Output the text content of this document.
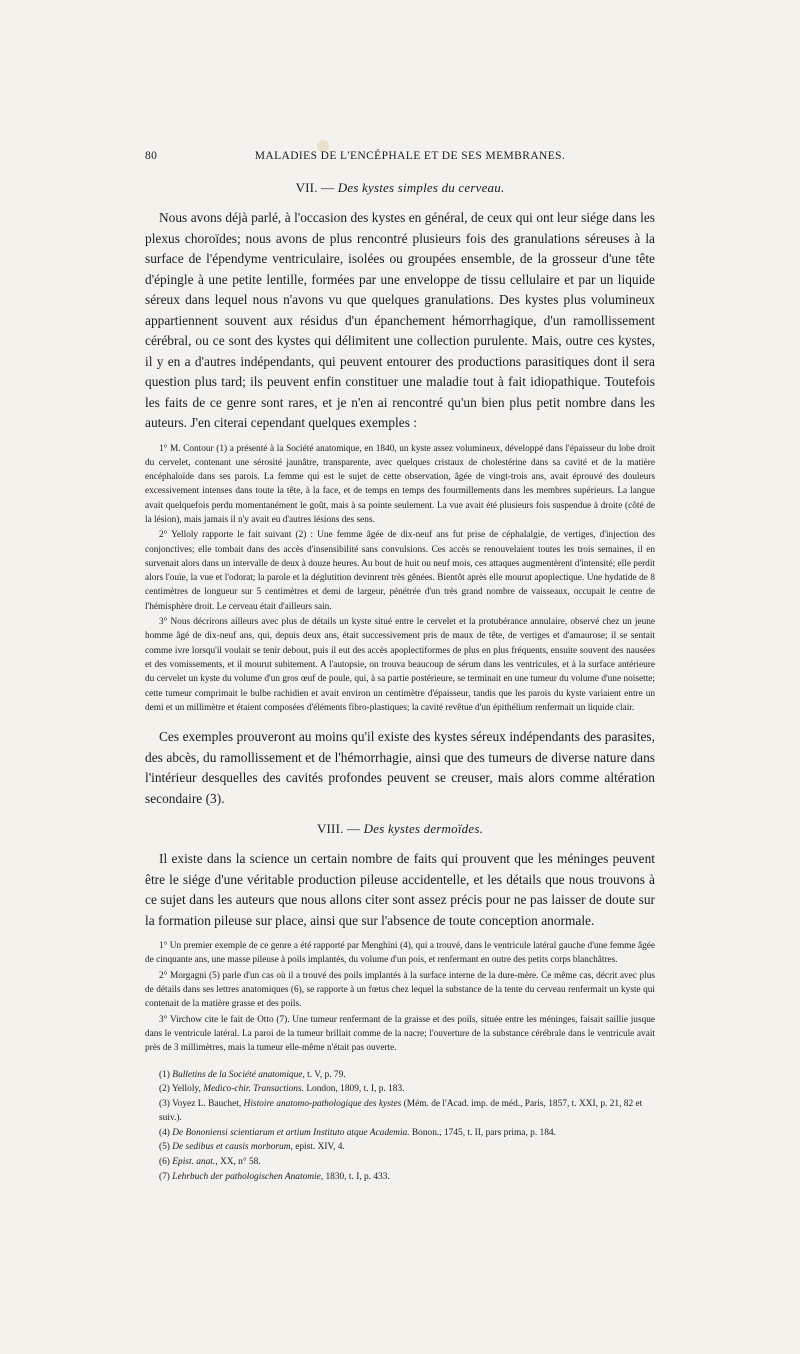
80	MALADIES DE L'ENCÉPHALE ET DE SES MEMBRANES.
VII. — Des kystes simples du cerveau.

Nous avons déjà parlé, à l'occasion des kystes en général, de ceux qui ont leur siége dans les plexus choroïdes; nous avons de plus rencontré plusieurs fois des granulations séreuses à la surface de l'épendyme ventriculaire, isolées ou groupées ensemble, de la grosseur d'une tête d'épingle à une petite lentille, formées par une enveloppe de tissu cellulaire et par un liquide séreux dans lequel nous n'avons vu que quelques granulations. Des kystes plus volumineux appartiennent souvent aux résidus d'un épanchement hémorrhagique, d'un ramollissement cérébral, ou ce sont des kystes qui délimitent une collection purulente. Mais, outre ces kystes, il y en a d'autres indépendants, qui peuvent entourer des productions parasitiques dont il sera question plus tard; ils peuvent enfin constituer une maladie tout à fait idiopathique. Toutefois les faits de ce genre sont rares, et je n'en ai rencontré qu'un bien plus petit nombre dans les auteurs. J'en citerai cependant quelques exemples :

1° M. Contour (1) a présenté à la Société anatomique, en 1840, un kyste assez volumineux, développé dans l'épaisseur du lobe droit du cervelet, contenant une sérosité jaunâtre, transparente, avec quelques cristaux de cholestérine dans sa cavité et de la matière encéphaloïde dans ses parois. La femme qui est le sujet de cette observation, âgée de vingt-trois ans, avait éprouvé des douleurs excessivement intenses dans toute la tête, à la face, et de temps en temps des fourmillements dans les membres supérieurs. La langue avait quelquefois perdu momentanément le goût, mais à sa pointe seulement. La vue avait été plusieurs fois suspendue à droite (côté de la lésion), mais jamais il n'y avait eu d'autres lésions des sens.

2° Yelloly rapporte le fait suivant (2) : Une femme âgée de dix-neuf ans fut prise de céphalalgie, de vertiges, d'injection des conjonctives; elle tombait dans des accès d'insensibilité sans convulsions. Ces accès se renouvelaient toutes les trois semaines, il en survenait alors dans un intervalle de deux à douze heures. Au bout de huit ou neuf mois, ces attaques augmentèrent d'intensité; elle perdit alors l'ouïe, la vue et l'odorat; la parole et la déglutition devinrent très gênées. Bientôt après elle mourut apoplectique. Une hydatide de 8 centimètres de longueur sur 5 centimètres et demi de largeur, pénétrée d'un très grand nombre de vaisseaux, occupait le centre de l'hémisphère droit. Le cerveau était d'ailleurs sain.

3° Nous décrirons ailleurs avec plus de détails un kyste situé entre le cervelet et la protubérance annulaire, observé chez un jeune homme âgé de dix-neuf ans, qui, depuis deux ans, était successivement pris de maux de tête, de vertiges et d'amaurose; il se sentait comme ivre lorsqu'il voulait se tenir debout, puis il eut des accès apoplectiformes de plus en plus fréquents, ensuite souvent des nausées et des vomissements, et il mourut subitement. A l'autopsie, on trouva beaucoup de sérum dans les ventricules, et à la surface antérieure du cervelet un kyste du volume d'un gros œuf de poule, qui, à sa partie postérieure, se terminait en une tumeur du volume d'une noisette; cette tumeur comprimait le bulbe rachidien et avait environ un centimètre d'épaisseur, tandis que les parois du kyste variaient entre un demi et un millimètre et étaient composées d'éléments fibro-plastiques; la cavité revêtue d'un épithélium renfermait un liquide clair.

Ces exemples prouveront au moins qu'il existe des kystes séreux indépendants des parasites, des abcès, du ramollissement et de l'hémorrhagie, ainsi que des tumeurs de diverse nature dans l'intérieur desquelles des cavités profondes peuvent se creuser, mais alors comme altération secondaire (3).

VIII. — Des kystes dermoïdes.

Il existe dans la science un certain nombre de faits qui prouvent que les méninges peuvent être le siége d'une véritable production pileuse accidentelle, et les détails que nous trouvons à ce sujet dans les auteurs que nous allons citer sont assez précis pour ne pas laisser de doute sur la formation pileuse sur place, ainsi que sur l'absence de toute conception anormale.

1° Un premier exemple de ce genre a été rapporté par Menghini (4), qui a trouvé, dans le ventricule latéral gauche d'une femme âgée de cinquante ans, une masse pileuse à poils implantés, du volume d'un pois, et renfermant en outre des petits corps blanchâtres.

2° Morgagni (5) parle d'un cas où il a trouvé des poils implantés à la surface interne de la dure-mère. Ce même cas, décrit avec plus de détails dans ses lettres anatomiques (6), se rapporte à un fœtus chez lequel la substance de la tente du cerveau renfermait un kyste qui contenait de la matière grasse et des poils.

3° Virchow cite le fait de Otto (7). Une tumeur renfermant de la graisse et des poils, située entre les méninges, faisait saillie jusque dans le ventricule latéral. La paroi de la tumeur brillait comme de la nacre; l'ouverture de la substance cérébrale dans le ventricule avait près de 3 millimètres, mais la tumeur elle-même n'était pas ouverte.

(1) Bulletins de la Société anatomique, t. V, p. 79.
(2) Yelloly, Medico-chir. Transactions. London, 1809, t. I, p. 183.
(3) Voyez L. Bauchet, Histoire anatomo-pathologique des kystes (Mém. de l'Acad. imp. de méd., Paris, 1857, t. XXI, p. 21, 82 et suiv.).
(4) De Bononiensi scientiarum et artium Instituto atque Academia. Bonon., 1745, t. II, pars prima, p. 184.
(5) De sedibus et causis morborum, epist. XIV, 4.
(6) Epist. anat., XX, n° 58.
(7) Lehrbuch der pathologischen Anatomie, 1830, t. I, p. 433.
